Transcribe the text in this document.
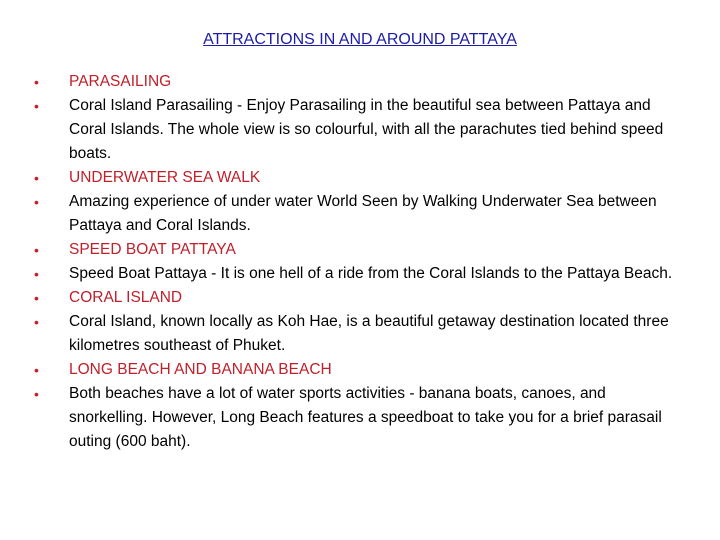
ATTRACTIONS IN AND AROUND PATTAYA
•
PARASAILING
•
Coral Island Parasailing - Enjoy Parasailing in the beautiful sea between Pattaya and Coral Islands. The whole view is so colourful, with all the parachutes tied behind speed boats.
•
UNDERWATER SEA WALK
•
Amazing experience of under water World Seen by Walking Underwater Sea between Pattaya and Coral Islands.
•
SPEED BOAT PATTAYA
•
Speed Boat Pattaya - It is one hell of a ride from the Coral Islands to the Pattaya Beach.
•
CORAL ISLAND
•
Coral Island, known locally as Koh Hae, is a beautiful getaway destination located three kilometres southeast of Phuket.
•
LONG BEACH AND BANANA BEACH
•
Both beaches have a lot of water sports activities - banana boats, canoes, and snorkelling. However, Long Beach features a speedboat to take you for a brief parasail outing (600 baht).
